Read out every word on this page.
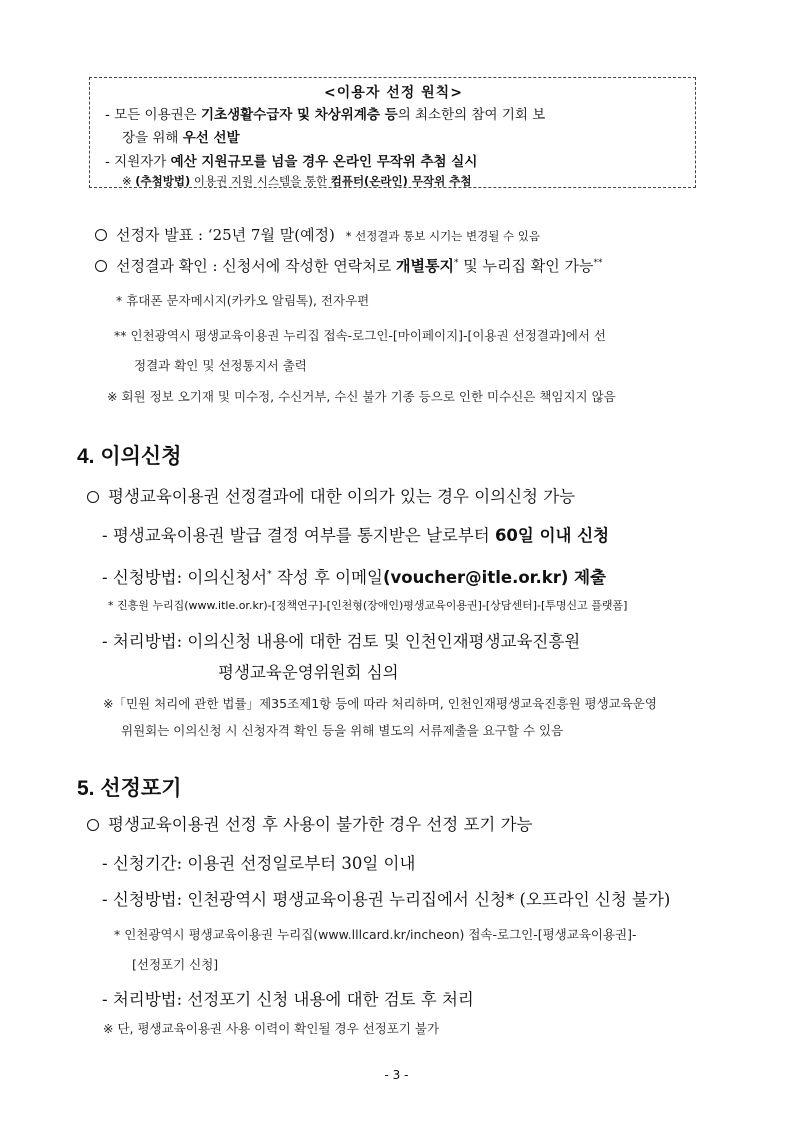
<이용자 선정 원칙>
- 모든 이용권은 기초생활수급자 및 차상위계층 등의 최소한의 참여 기회 보
장을 위해 우선 선발
- 지원자가 예산 지원규모를 넘을 경우 온라인 무작위 추첨 실시
※ (추첨방법) 이용권 지원 시스템을 통한 컴퓨터(온라인) 무작위 추첨
선정자 발표 : ‘25년 7월 말(예정) * 선정결과 통보 시기는 변경될 수 있음
선정결과 확인 : 신청서에 작성한 연락처로 개별통지* 및 누리집 확인 가능**
* 휴대폰 문자메시지(카카오 알림톡), 전자우편
** 인천광역시 평생교육이용권 누리집 접속-로그인-[마이페이지]-[이용권 선정결과]에서 선
정결과 확인 및 선정통지서 출력
※ 회원 정보 오기재 및 미수정, 수신거부, 수신 불가 기종 등으로 인한 미수신은 책임지지 않음
4. 이의신청
평생교육이용권 선정결과에 대한 이의가 있는 경우 이의신청 가능
- 평생교육이용권 발급 결정 여부를 통지받은 날로부터 60일 이내 신청
- 신청방법: 이의신청서* 작성 후 이메일(voucher@itle.or.kr) 제출
* 진흥원 누리집(www.itle.or.kr)-[정책연구]-[인천형(장애인)평생교육이용권]-[상담센터]-[투명신고 플랫폼]
- 처리방법: 이의신청 내용에 대한 검토 및 인천인재평생교육진흥원
평생교육운영위원회 심의
※「민원 처리에 관한 법률」제35조제1항 등에 따라 처리하며, 인천인재평생교육진흥원 평생교육운영
위원회는 이의신청 시 신청자격 확인 등을 위해 별도의 서류제출을 요구할 수 있음
5. 선정포기
평생교육이용권 선정 후 사용이 불가한 경우 선정 포기 가능
- 신청기간: 이용권 선정일로부터 30일 이내
- 신청방법: 인천광역시 평생교육이용권 누리집에서 신청* (오프라인 신청 불가)
* 인천광역시 평생교육이용권 누리집(www.lllcard.kr/incheon) 접속-로그인-[평생교육이용권]-
[선정포기 신청]
- 처리방법: 선정포기 신청 내용에 대한 검토 후 처리
※ 단, 평생교육이용권 사용 이력이 확인될 경우 선정포기 불가
- 3 -
